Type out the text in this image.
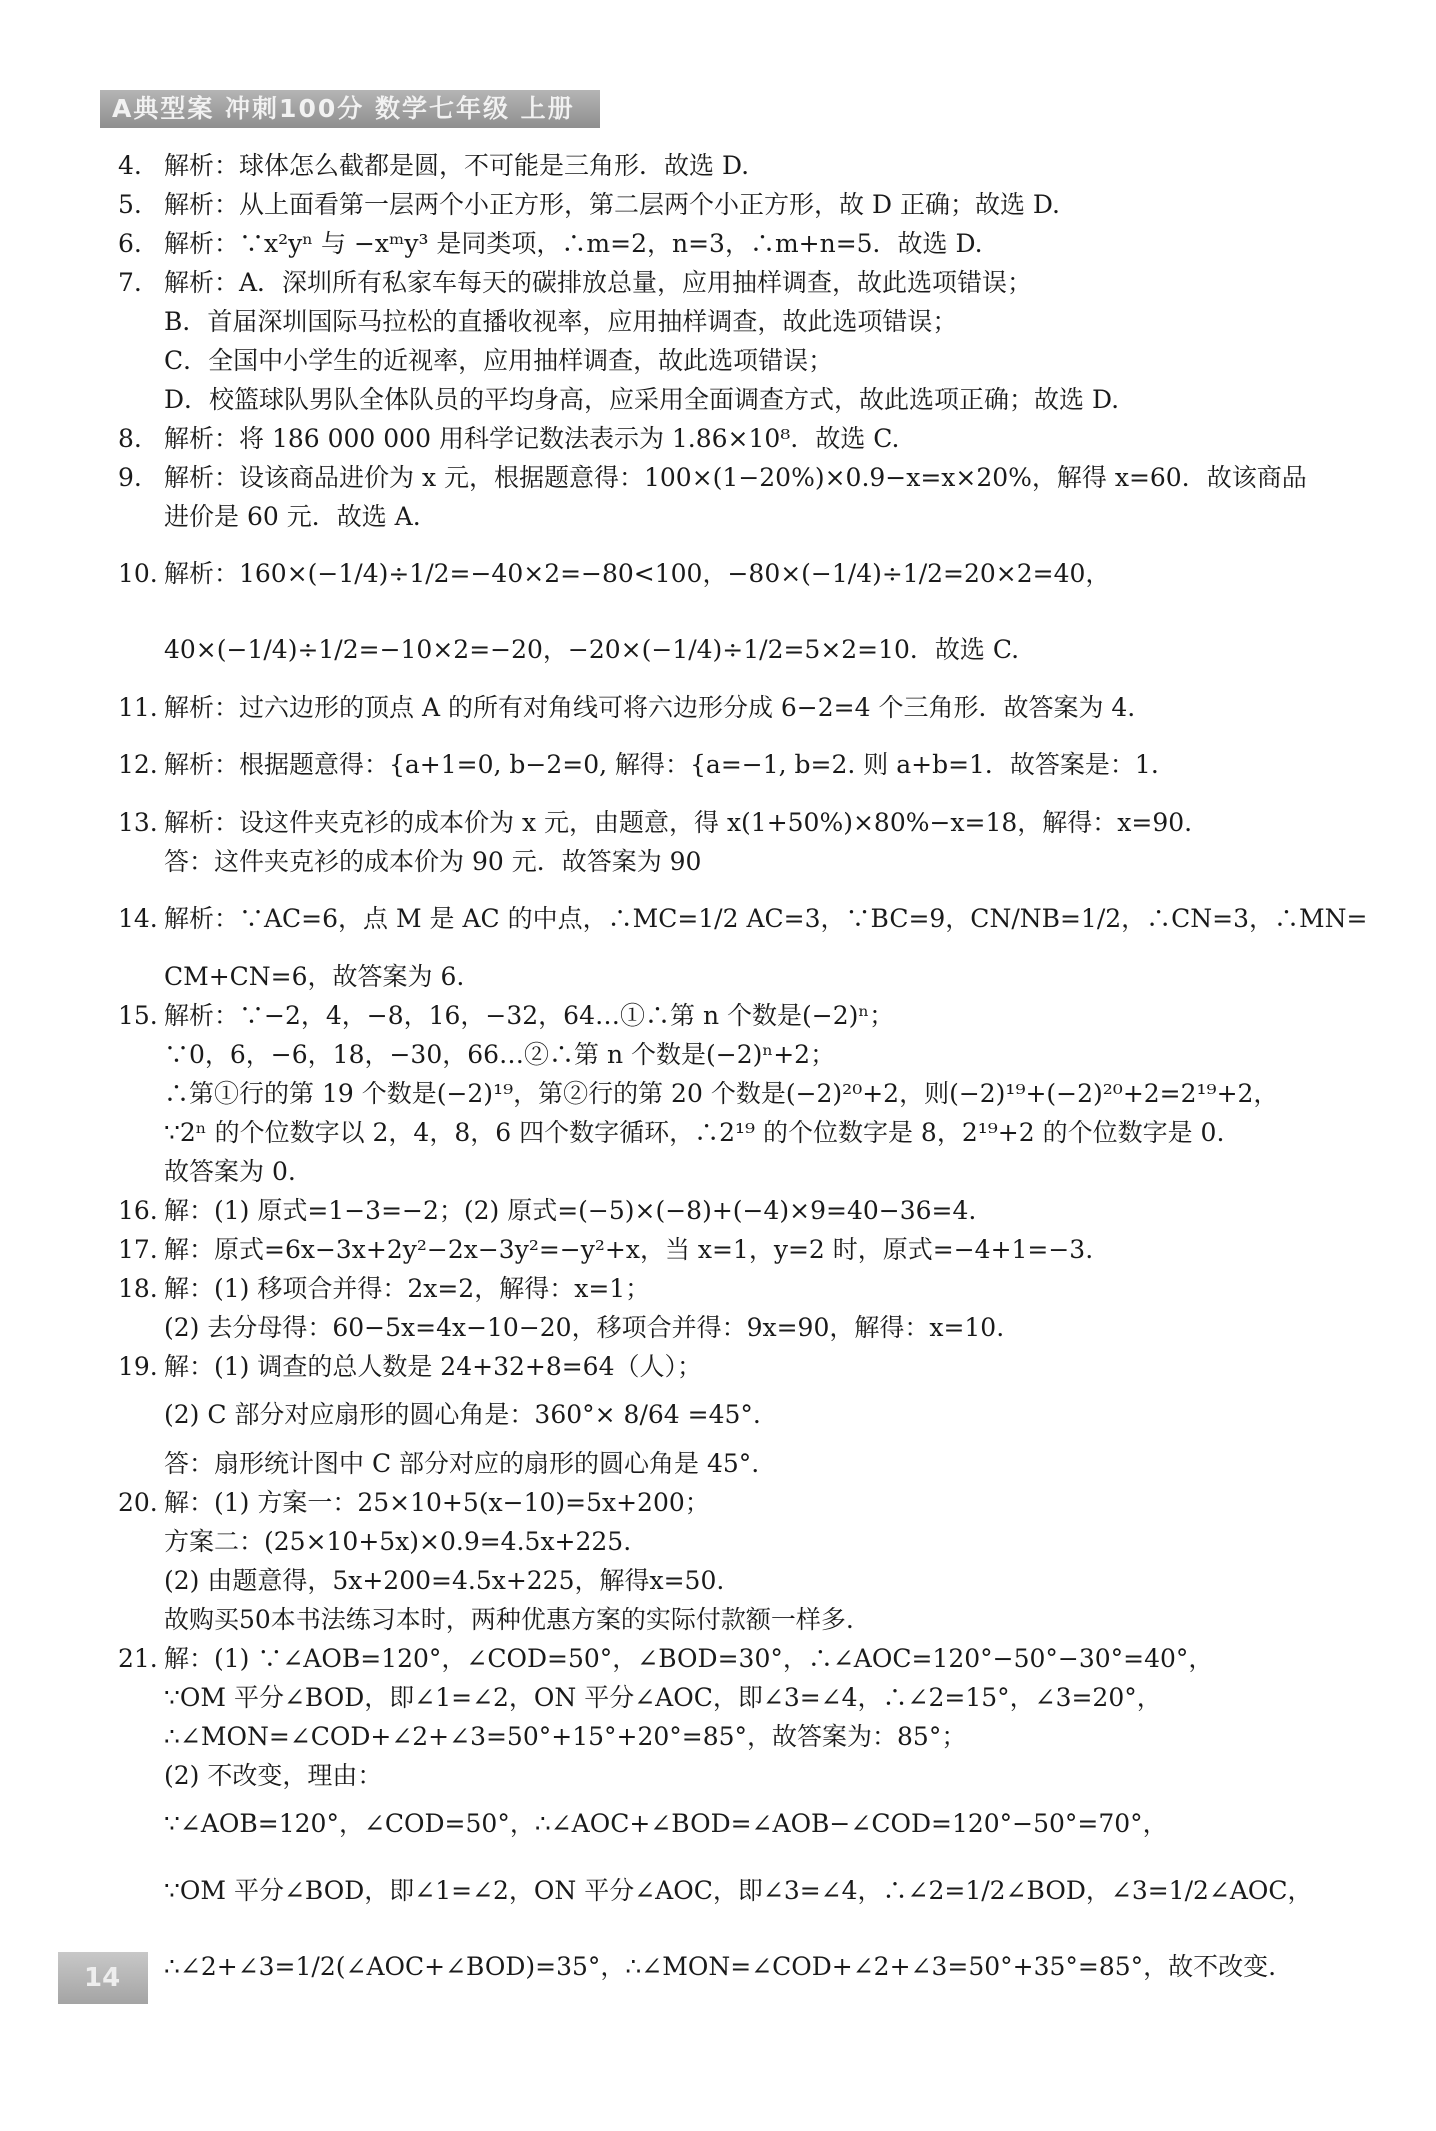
A典型案 冲刺100分 数学七年级 上册
4. 解析：球体怎么截都是圆，不可能是三角形．故选 D.
5. 解析：从上面看第一层两个小正方形，第二层两个小正方形，故 D 正确；故选 D.
6. 解析：∵x²yⁿ 与 −xᵐy³ 是同类项，∴m=2，n=3，∴m+n=5．故选 D.
7. 解析：A．深圳所有私家车每天的碳排放总量，应用抽样调查，故此选项错误；
B．首届深圳国际马拉松的直播收视率，应用抽样调查，故此选项错误；
C．全国中小学生的近视率，应用抽样调查，故此选项错误；
D．校篮球队男队全体队员的平均身高，应采用全面调查方式，故此选项正确；故选 D.
8. 解析：将 186 000 000 用科学记数法表示为 1.86×10⁸．故选 C.
9. 解析：设该商品进价为 x 元，根据题意得：100×(1−20%)×0.9−x=x×20%，解得 x=60．故该商品
进价是 60 元．故选 A.
10. 解析：160×(−1/4)÷1/2=−40×2=−80<100，−80×(−1/4)÷1/2=20×2=40，
40×(−1/4)÷1/2=−10×2=−20，−20×(−1/4)÷1/2=5×2=10．故选 C.
11. 解析：过六边形的顶点 A 的所有对角线可将六边形分成 6−2=4 个三角形．故答案为 4.
12. 解析：根据题意得：{a+1=0, b−2=0, 解得：{a=−1, b=2. 则 a+b=1．故答案是：1.
13. 解析：设这件夹克衫的成本价为 x 元，由题意，得 x(1+50%)×80%−x=18，解得：x=90.
答：这件夹克衫的成本价为 90 元．故答案为 90
14. 解析：∵AC=6，点 M 是 AC 的中点，∴MC=1/2 AC=3，∵BC=9，CN/NB=1/2，∴CN=3，∴MN=
CM+CN=6，故答案为 6.
15. 解析：∵−2，4，−8，16，−32，64…①∴第 n 个数是(−2)ⁿ；
∵0，6，−6，18，−30，66…②∴第 n 个数是(−2)ⁿ+2；
∴第①行的第 19 个数是(−2)¹⁹，第②行的第 20 个数是(−2)²⁰+2，则(−2)¹⁹+(−2)²⁰+2=2¹⁹+2，
∵2ⁿ 的个位数字以 2，4，8，6 四个数字循环，∴2¹⁹ 的个位数字是 8，2¹⁹+2 的个位数字是 0.
故答案为 0.
16. 解：(1) 原式=1−3=−2；(2) 原式=(−5)×(−8)+(−4)×9=40−36=4.
17. 解：原式=6x−3x+2y²−2x−3y²=−y²+x，当 x=1，y=2 时，原式=−4+1=−3.
18. 解：(1) 移项合并得：2x=2，解得：x=1；
(2) 去分母得：60−5x=4x−10−20，移项合并得：9x=90，解得：x=10.
19. 解：(1) 调查的总人数是 24+32+8=64（人）；
(2) C 部分对应扇形的圆心角是：360°× 8/64 =45°.
答：扇形统计图中 C 部分对应的扇形的圆心角是 45°.
20. 解：(1) 方案一：25×10+5(x−10)=5x+200；
方案二：(25×10+5x)×0.9=4.5x+225.
(2) 由题意得，5x+200=4.5x+225，解得x=50.
故购买50本书法练习本时，两种优惠方案的实际付款额一样多.
21. 解：(1) ∵∠AOB=120°，∠COD=50°，∠BOD=30°，∴∠AOC=120°−50°−30°=40°，
∵OM 平分∠BOD，即∠1=∠2，ON 平分∠AOC，即∠3=∠4，∴∠2=15°，∠3=20°，
∴∠MON=∠COD+∠2+∠3=50°+15°+20°=85°，故答案为：85°；
(2) 不改变，理由：
∵∠AOB=120°，∠COD=50°，∴∠AOC+∠BOD=∠AOB−∠COD=120°−50°=70°，
∵OM 平分∠BOD，即∠1=∠2，ON 平分∠AOC，即∠3=∠4，∴∠2=1/2∠BOD，∠3=1/2∠AOC，
∴∠2+∠3=1/2(∠AOC+∠BOD)=35°，∴∠MON=∠COD+∠2+∠3=50°+35°=85°，故不改变.
14
